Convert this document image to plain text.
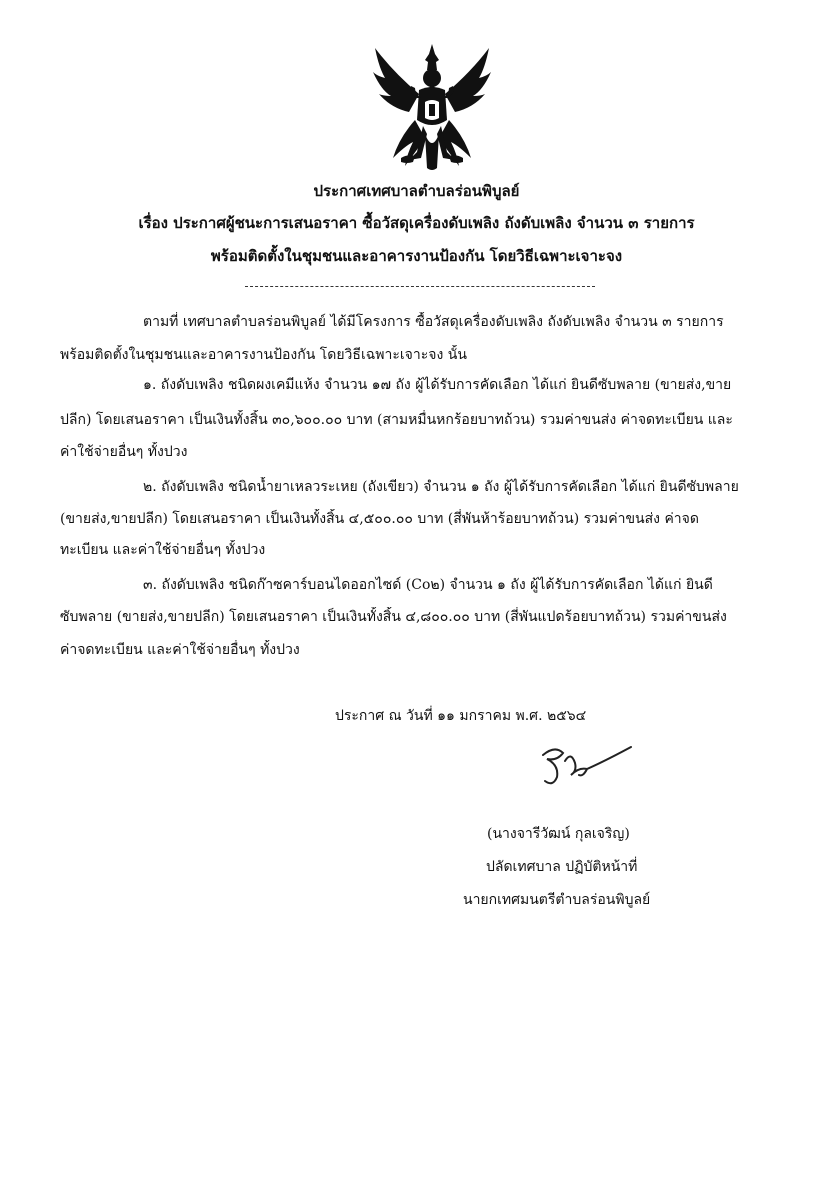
ประกาศเทศบาลตำบลร่อนพิบูลย์
เรื่อง ประกาศผู้ชนะการเสนอราคา ซื้อวัสดุเครื่องดับเพลิง ถังดับเพลิง จำนวน ๓ รายการ
พร้อมติดตั้งในชุมชนและอาคารงานป้องกัน โดยวิธีเฉพาะเจาะจง
ตามที่ เทศบาลตำบลร่อนพิบูลย์ ได้มีโครงการ ซื้อวัสดุเครื่องดับเพลิง ถังดับเพลิง จำนวน ๓ รายการ
พร้อมติดตั้งในชุมชนและอาคารงานป้องกัน โดยวิธีเฉพาะเจาะจง นั้น
๑. ถังดับเพลิง ชนิดผงเคมีแห้ง จำนวน ๑๗ ถัง ผู้ได้รับการคัดเลือก ได้แก่ ยินดีซับพลาย (ขายส่ง,ขาย
ปลีก) โดยเสนอราคา เป็นเงินทั้งสิ้น ๓๐,๖๐๐.๐๐ บาท (สามหมื่นหกร้อยบาทถ้วน) รวมค่าขนส่ง ค่าจดทะเบียน และ
ค่าใช้จ่ายอื่นๆ ทั้งปวง
๒. ถังดับเพลิง ชนิดน้ำยาเหลวระเหย (ถังเขียว) จำนวน ๑ ถัง ผู้ได้รับการคัดเลือก ได้แก่ ยินดีซับพลาย
(ขายส่ง,ขายปลีก) โดยเสนอราคา เป็นเงินทั้งสิ้น ๔,๕๐๐.๐๐ บาท (สี่พันห้าร้อยบาทถ้วน) รวมค่าขนส่ง ค่าจด
ทะเบียน และค่าใช้จ่ายอื่นๆ ทั้งปวง
๓. ถังดับเพลิง ชนิดก๊าซคาร์บอนไดออกไซด์ (Co๒) จำนวน ๑ ถัง ผู้ได้รับการคัดเลือก ได้แก่ ยินดี
ซับพลาย (ขายส่ง,ขายปลีก) โดยเสนอราคา เป็นเงินทั้งสิ้น ๔,๘๐๐.๐๐ บาท (สี่พันแปดร้อยบาทถ้วน) รวมค่าขนส่ง
ค่าจดทะเบียน และค่าใช้จ่ายอื่นๆ ทั้งปวง
ประกาศ ณ วันที่ ๑๑ มกราคม พ.ศ. ๒๕๖๔
(นางจารีวัฒน์ กุลเจริญ)
ปลัดเทศบาล ปฏิบัติหน้าที่
นายกเทศมนตรีตำบลร่อนพิบูลย์
